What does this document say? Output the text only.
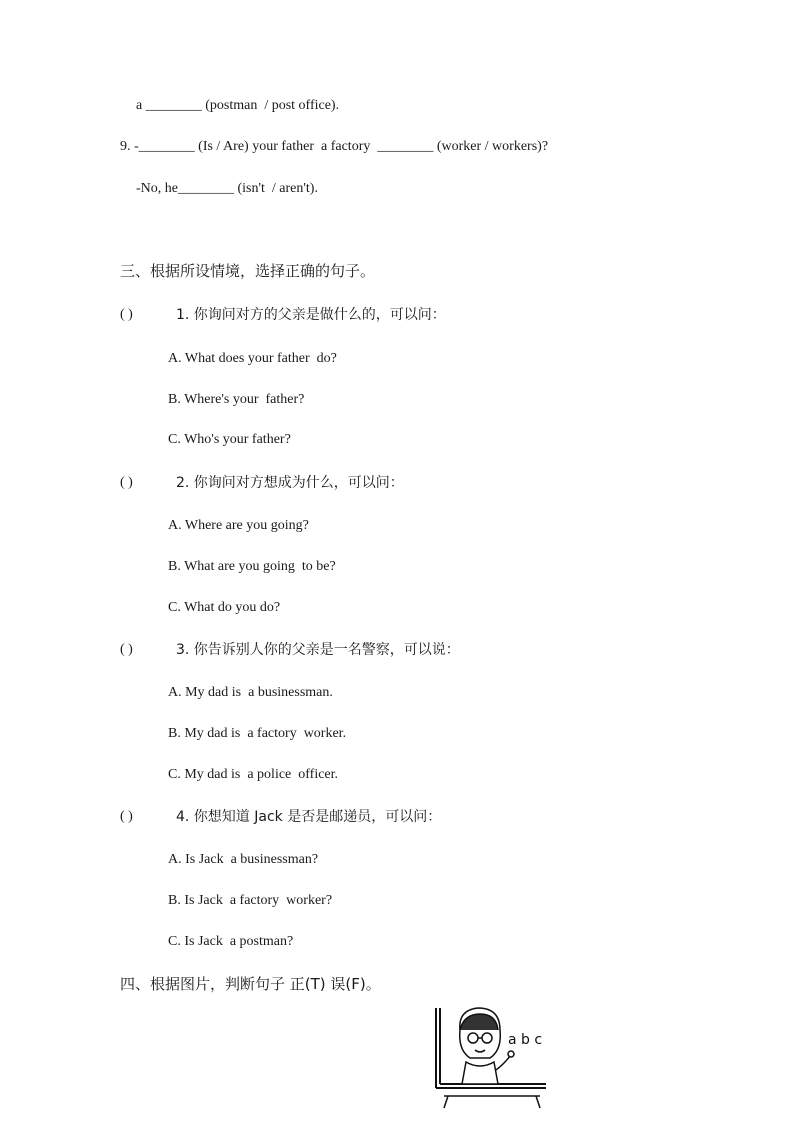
a ________ (postman  / post office).
9. -________ (Is / Are) your father  a factory  ________ (worker / workers)?
-No, he________ (isn't  / aren't).
三、根据所设情境，选择正确的句子。
( )	1. 你询问对方的父亲是做什么的，可以问：
A. What does your father  do?
B. Where's your  father?
C. Who's your father?
( )	2. 你询问对方想成为什么，可以问：
A. Where are you going?
B. What are you going  to be?
C. What do you do?
( )	3. 你告诉别人你的父亲是一名警察，可以说：
A. My dad is  a businessman.
B. My dad is  a factory  worker.
C. My dad is  a police  officer.
( )	4. 你想知道 Jack 是否是邮递员，可以问：
A. Is Jack  a businessman?
B. Is Jack  a factory  worker?
C. Is Jack  a postman?
四、根据图片，判断句子 正(T) 误(F)。
a b c
